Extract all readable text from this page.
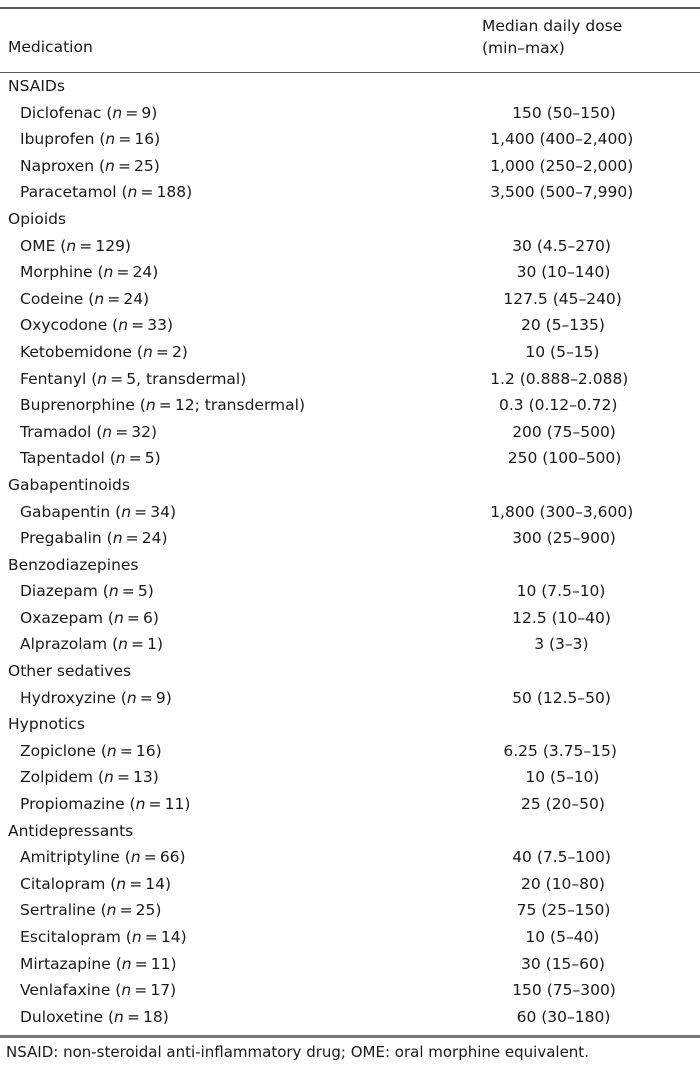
Medication
Median daily dose
(min–max)
NSAIDs
Diclofenac (n = 9)	150 (50–150)
Ibuprofen (n = 16)	1,400 (400–2,400)
Naproxen (n = 25)	1,000 (250–2,000)
Paracetamol (n = 188)	3,500 (500–7,990)
Opioids
OME (n = 129)	30 (4.5–270)
Morphine (n = 24)	30 (10–140)
Codeine (n = 24)	127.5 (45–240)
Oxycodone (n = 33)	20 (5–135)
Ketobemidone (n = 2)	10 (5–15)
Fentanyl (n = 5, transdermal)	1.2 (0.888–2.088)
Buprenorphine (n = 12; transdermal)	0.3 (0.12–0.72)
Tramadol (n = 32)	200 (75–500)
Tapentadol (n = 5)	250 (100–500)
Gabapentinoids
Gabapentin (n = 34)	1,800 (300–3,600)
Pregabalin (n = 24)	300 (25–900)
Benzodiazepines
Diazepam (n = 5)	10 (7.5–10)
Oxazepam (n = 6)	12.5 (10–40)
Alprazolam (n = 1)	3 (3–3)
Other sedatives
Hydroxyzine (n = 9)	50 (12.5–50)
Hypnotics
Zopiclone (n = 16)	6.25 (3.75–15)
Zolpidem (n = 13)	10 (5–10)
Propiomazine (n = 11)	25 (20–50)
Antidepressants
Amitriptyline (n = 66)	40 (7.5–100)
Citalopram (n = 14)	20 (10–80)
Sertraline (n = 25)	75 (25–150)
Escitalopram (n = 14)	10 (5–40)
Mirtazapine (n = 11)	30 (15–60)
Venlafaxine (n = 17)	150 (75–300)
Duloxetine (n = 18)	60 (30–180)
NSAID: non-steroidal anti-inflammatory drug; OME: oral morphine equivalent.
